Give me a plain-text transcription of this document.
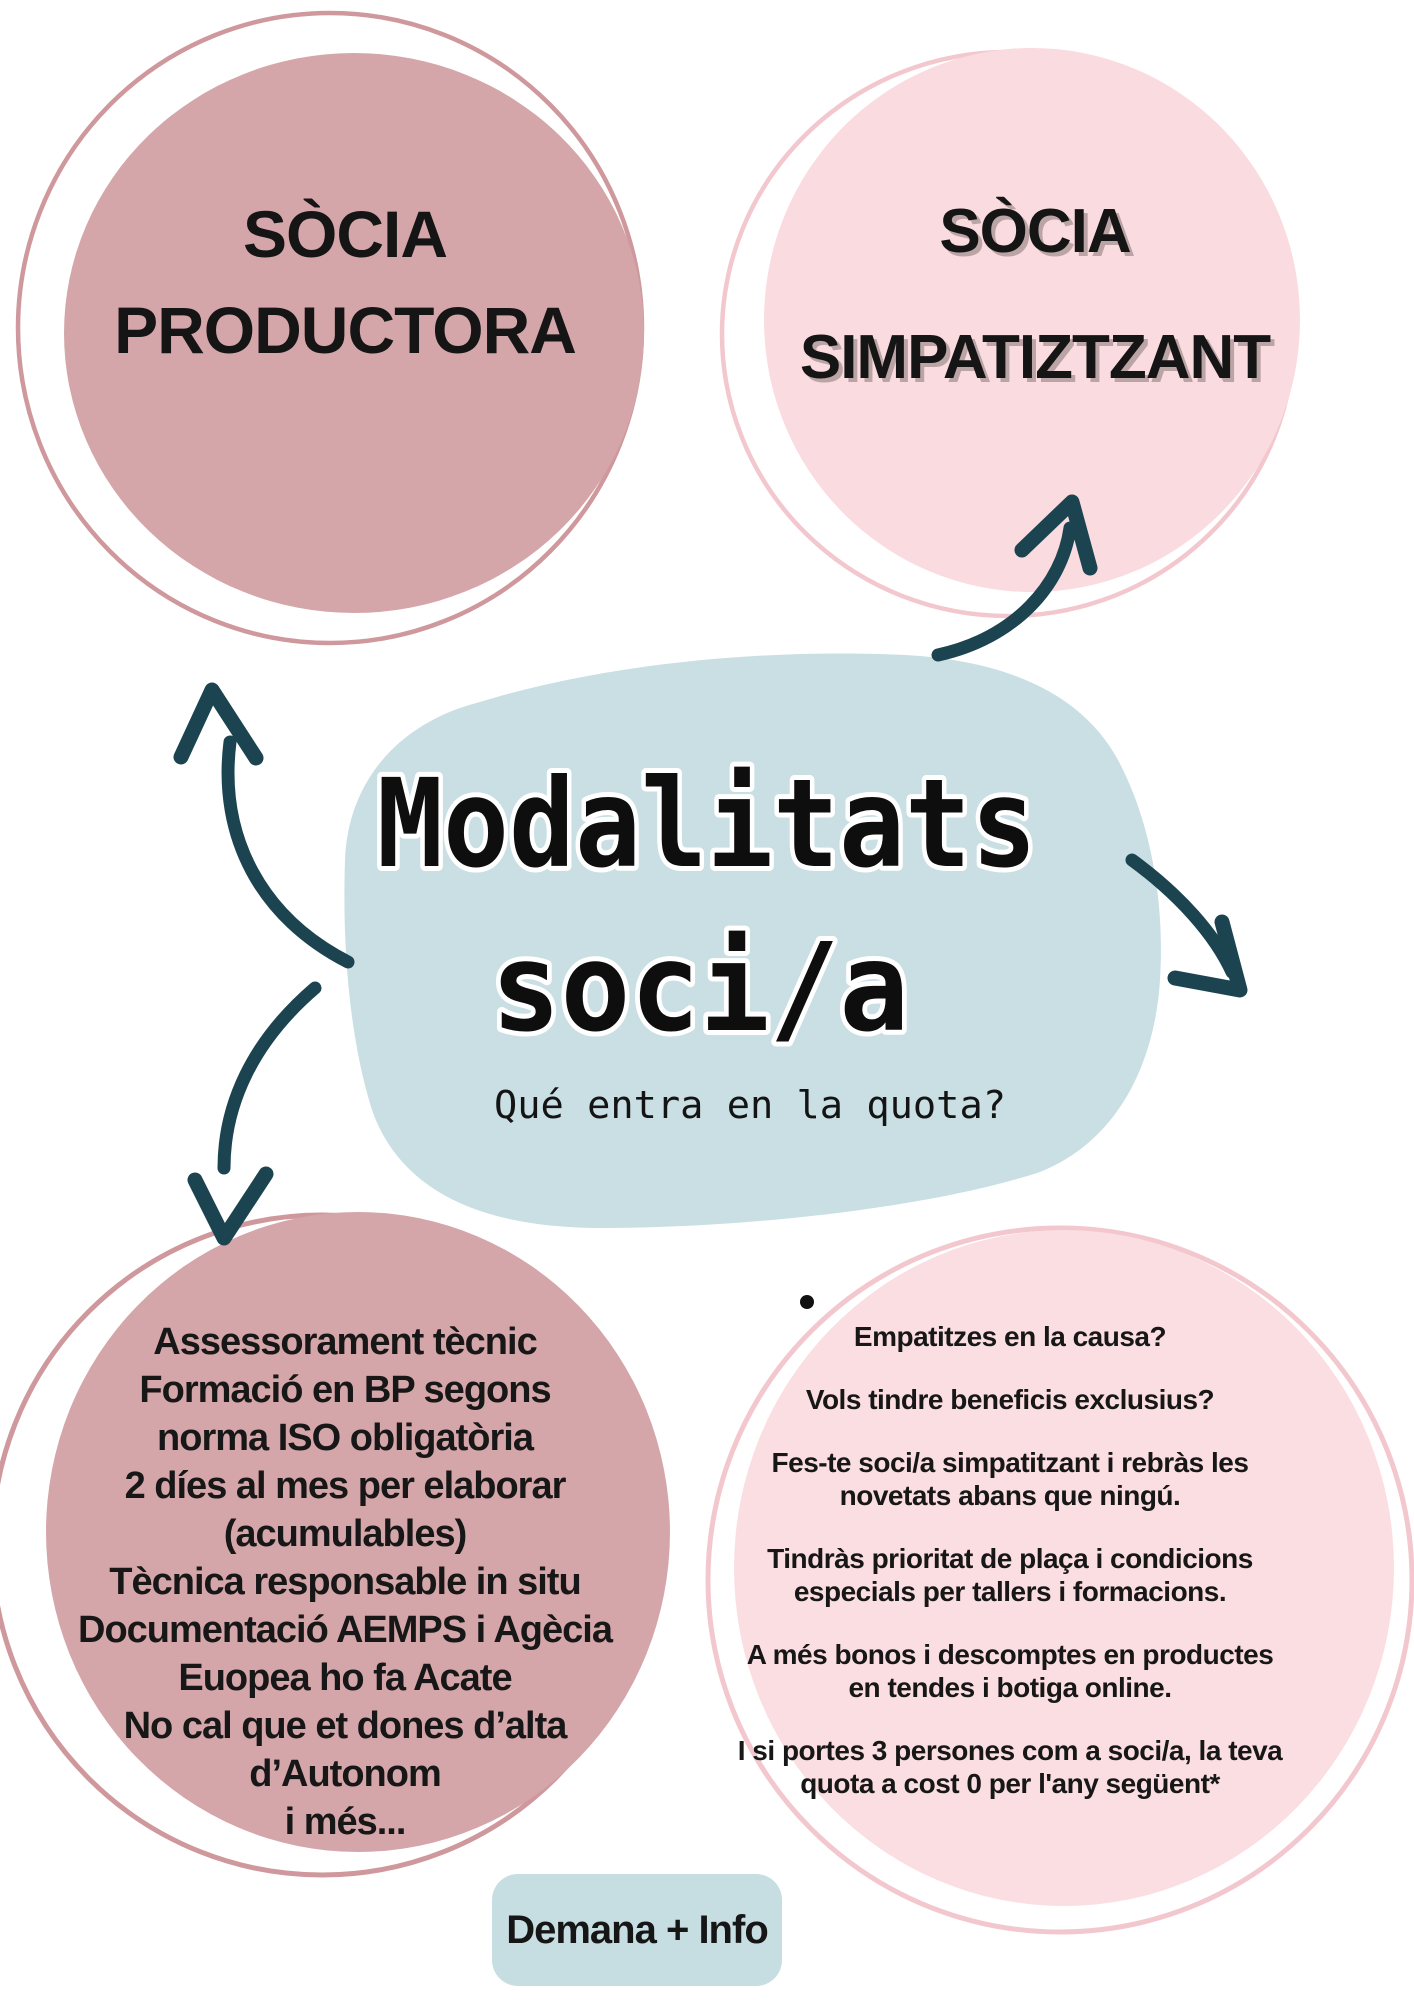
Modalitats
soci/a
Qué entra en la quota?
SÒCIA
PRODUCTORA
SÒCIA
SIMPATIZTZANT
Assessorament tècnic
Formació en BP segons
norma ISO obligatòria
2 díes al mes per elaborar
(acumulables)
Tècnica responsable in situ
Documentació AEMPS i Agècia
Euopea ho fa Acate
No cal que et dones d’alta
d’Autonom
i més...

Empatitzes en la causa?

Vols tindre beneficis exclusius?

Fes-te soci/a simpatitzant i rebràs les novetats abans que ningú.

Tindràs prioritat de plaça i condicions especials per tallers i formacions.

A més bonos i descomptes en productes en tendes i botiga online.

I si portes 3 persones com a soci/a, la teva quota a cost 0 per l'any següent*

Demana + Info
